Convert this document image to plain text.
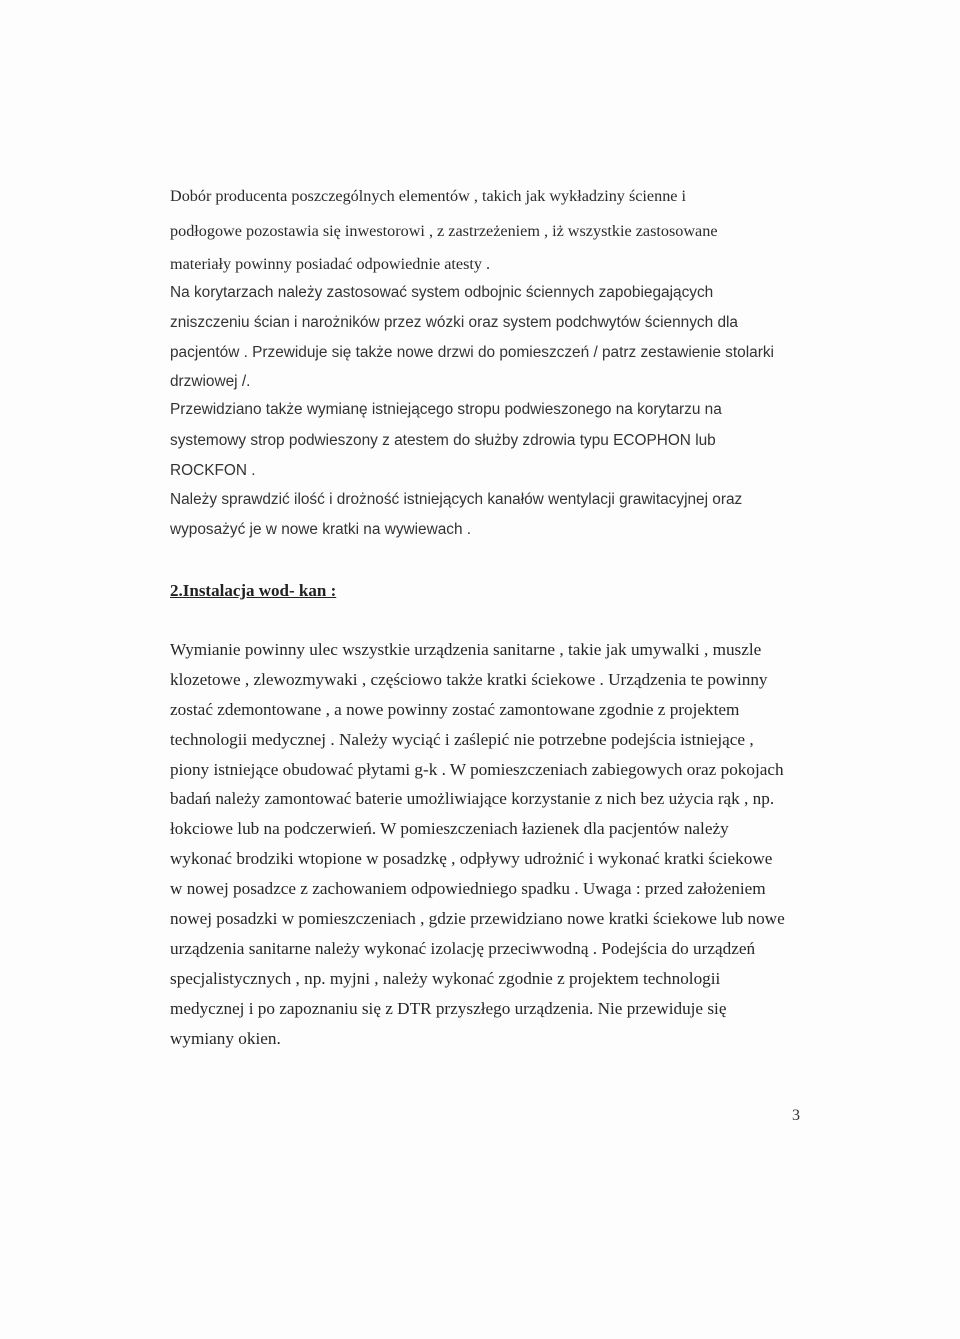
Dobór producenta poszczególnych elementów , takich jak wykładziny ścienne i
podłogowe pozostawia się inwestorowi , z zastrzeżeniem , iż wszystkie zastosowane
materiały powinny posiadać odpowiednie atesty .
Na korytarzach należy zastosować system odbojnic ściennych zapobiegających
zniszczeniu ścian i narożników przez wózki oraz system podchwytów ściennych dla
pacjentów . Przewiduje się także nowe drzwi do pomieszczeń / patrz zestawienie stolarki
drzwiowej /.
Przewidziano także wymianę istniejącego stropu podwieszonego na korytarzu na
systemowy strop podwieszony z atestem do służby zdrowia typu ECOPHON lub
ROCKFON .
Należy sprawdzić ilość i drożność istniejących kanałów wentylacji grawitacyjnej oraz
wyposażyć je w nowe kratki na wywiewach .
2.Instalacja wod- kan :
Wymianie powinny ulec wszystkie urządzenia sanitarne , takie jak umywalki , muszle
klozetowe , zlewozmywaki , częściowo także kratki ściekowe . Urządzenia te powinny
zostać zdemontowane , a nowe powinny zostać zamontowane zgodnie z projektem
technologii medycznej . Należy wyciąć i zaślepić nie potrzebne podejścia istniejące ,
piony istniejące obudować płytami g-k . W pomieszczeniach zabiegowych oraz pokojach
badań należy zamontować baterie umożliwiające korzystanie z nich bez użycia rąk , np.
łokciowe lub na podczerwień. W pomieszczeniach łazienek dla pacjentów należy
wykonać brodziki wtopione w posadzkę , odpływy udrożnić i wykonać kratki ściekowe
w nowej posadzce z zachowaniem odpowiedniego spadku . Uwaga : przed założeniem
nowej posadzki w pomieszczeniach , gdzie przewidziano nowe kratki ściekowe lub nowe
urządzenia sanitarne należy wykonać izolację przeciwwodną . Podejścia do urządzeń
specjalistycznych , np. myjni , należy wykonać zgodnie z projektem technologii
medycznej i po zapoznaniu się z DTR przyszłego urządzenia. Nie przewiduje się
wymiany okien.
3
